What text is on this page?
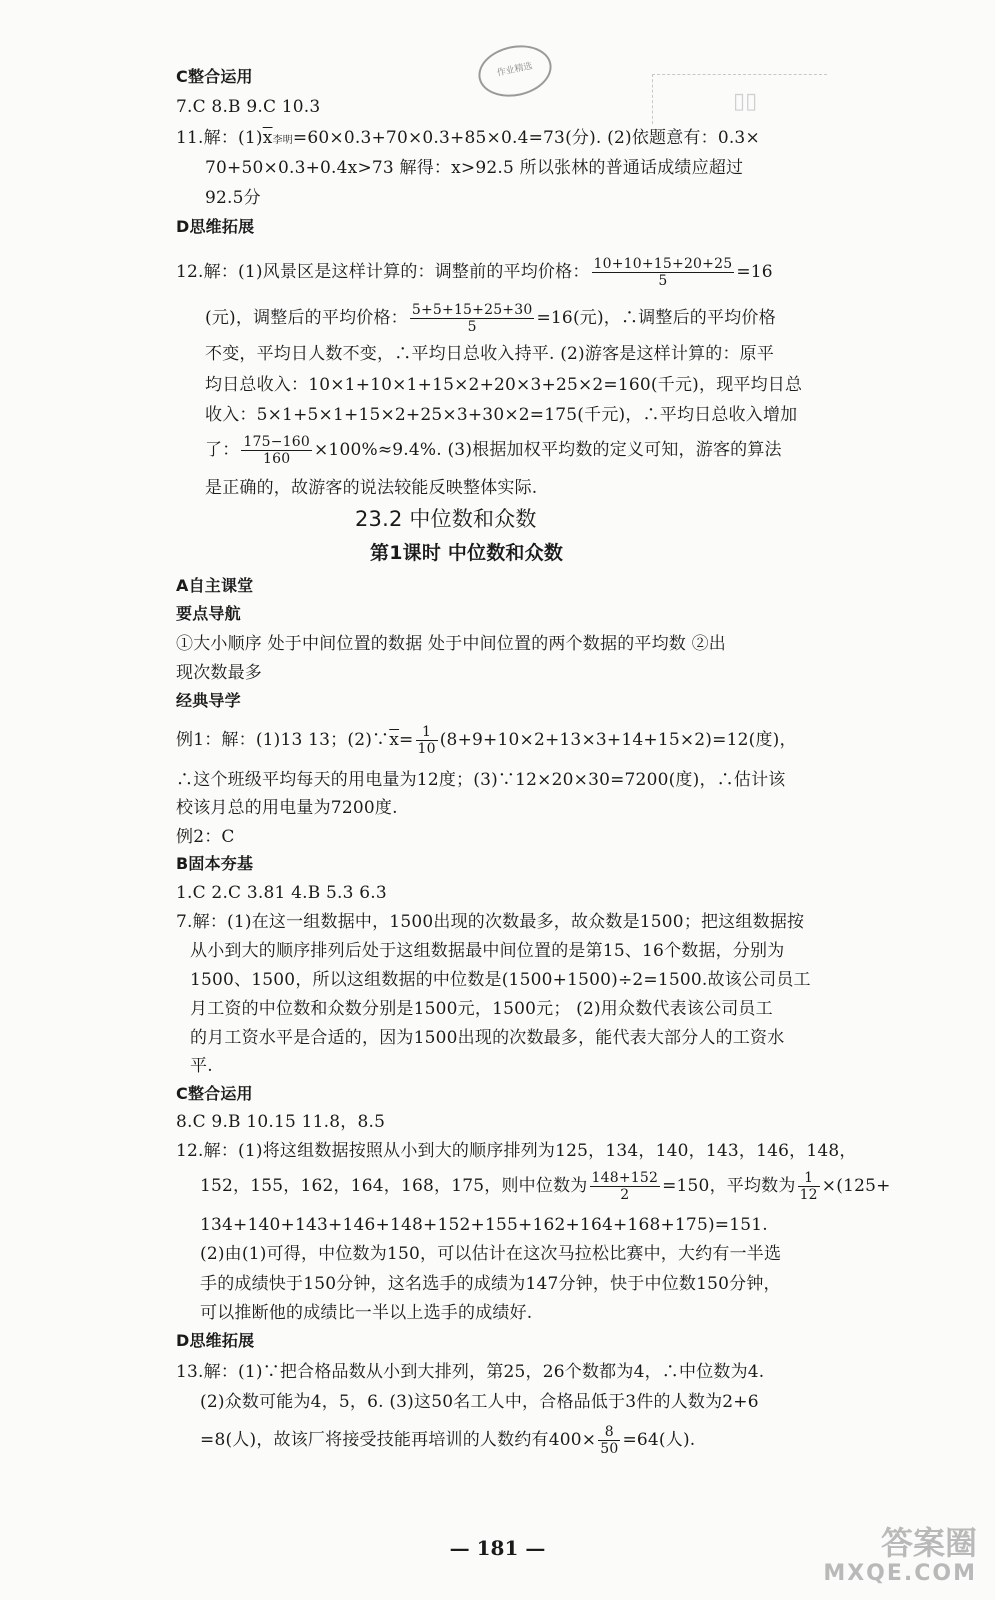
作业精选
▯▯
C整合运用
7.C 8.B 9.C 10.3
11.解：$(1)\overline{x}$李明=60×0.3+70×0.3+85×0.4=73(分). (2)依题意有：0.3×
70+50×0.3+0.4x>73 解得：x>92.5 所以张林的普通话成绩应超过
92.5分
D思维拓展
12.解：(1)风景区是这样计算的：调整前的平均价格： $\frac{10+10+15+20+25}{5} =16$
(元)，调整后的平均价格： $\frac{5+5+15+25+30}{5} =16$(元)，∴调整后的平均价格
不变，平均日人数不变，∴平均日总收入持平. (2)游客是这样计算的：原平
均日总收入：10×1+10×1+15×2+20×3+25×2=160(千元)，现平均日总
收入：5×1+5×1+15×2+25×3+30×2=175(千元)，∴平均日总收入增加
了： $\frac{175-160}{160} \times 100\%\approx 9.4\%$. (3)根据加权平均数的定义可知，游客的算法
是正确的，故游客的说法较能反映整体实际.
23.2 中位数和众数
第1课时 中位数和众数
A自主课堂
要点导航
①大小顺序 处于中间位置的数据 处于中间位置的两个数据的平均数 ②出
现次数最多
经典导学
例1：解：(1)13 13；$(2)\because\overline{x}= \frac{1}{10} (8+9+10\times 2+13\times 3+14+15\times 2)=12$(度)，
∴这个班级平均每天的用电量为12度；(3)∵12×20×30=7200(度)，∴估计该
校该月总的用电量为7200度.
例2：C
B固本夯基
1.C 2.C 3.81 4.B 5.3 6.3
7.解：(1)在这一组数据中，1500出现的次数最多，故众数是1500；把这组数据按
从小到大的顺序排列后处于这组数据最中间位置的是第15、16个数据，分别为
1500、1500，所以这组数据的中位数是(1500+1500)÷2=1500.故该公司员工
月工资的中位数和众数分别是1500元，1500元； (2)用众数代表该公司员工
的月工资水平是合适的，因为1500出现的次数最多，能代表大部分人的工资水
平.
C整合运用
8.C 9.B 10.15 11.8，8.5
12.解：(1)将这组数据按照从小到大的顺序排列为125，134，140，143，146，148，
152，155，162，164，168，175，则中位数为 $\frac{148+152}{2} =150$，平均数为 $\frac{1}{12} \times(125+$
134+140+143+146+148+152+155+162+164+168+175)=151.
(2)由(1)可得，中位数为150，可以估计在这次马拉松比赛中，大约有一半选
手的成绩快于150分钟，这名选手的成绩为147分钟，快于中位数150分钟，
可以推断他的成绩比一半以上选手的成绩好.
D思维拓展
13.解：(1)∵把合格品数从小到大排列，第25，26个数都为4，∴中位数为4.
(2)众数可能为4，5，6. (3)这50名工人中，合格品低于3件的人数为2+6
=8(人)，故该厂将接受技能再培训的人数约有$400\times \frac{8}{50} =64$(人).
— 181 —	答案圈
MXQE.COM
